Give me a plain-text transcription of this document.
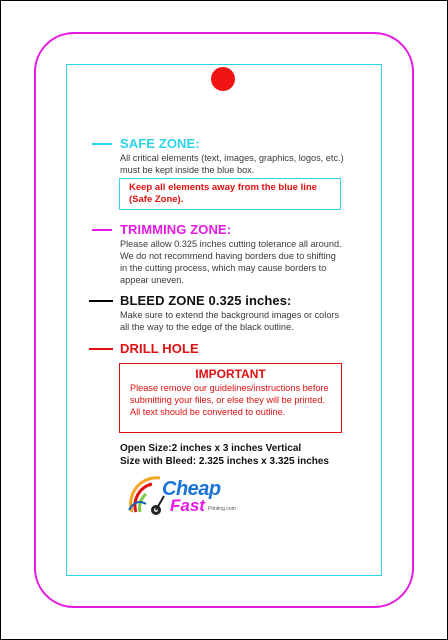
SAFE ZONE:
All critical elements (text, images, graphics, logos, etc.)
must be kept inside the blue box.
Keep all elements away from the blue line
(Safe Zone).
TRIMMING ZONE:
Please allow 0.325 inches cutting tolerance all around.
We do not recommend having borders due to shifting
in the cutting process, which may cause borders to
appear uneven.
BLEED ZONE 0.325 inches:
Make sure to extend the background images or colors
all the way to the edge of the black outline.
DRILL HOLE
IMPORTANT
Please remove our guidelines/instructions before
submitting your files, or else they will be printed.
All text should be converted to outline.
Open Size:2 inches x 3 inches Vertical
Size with Bleed: 2.325 inches x 3.325 inches
Cheap
Fast Printing.com
